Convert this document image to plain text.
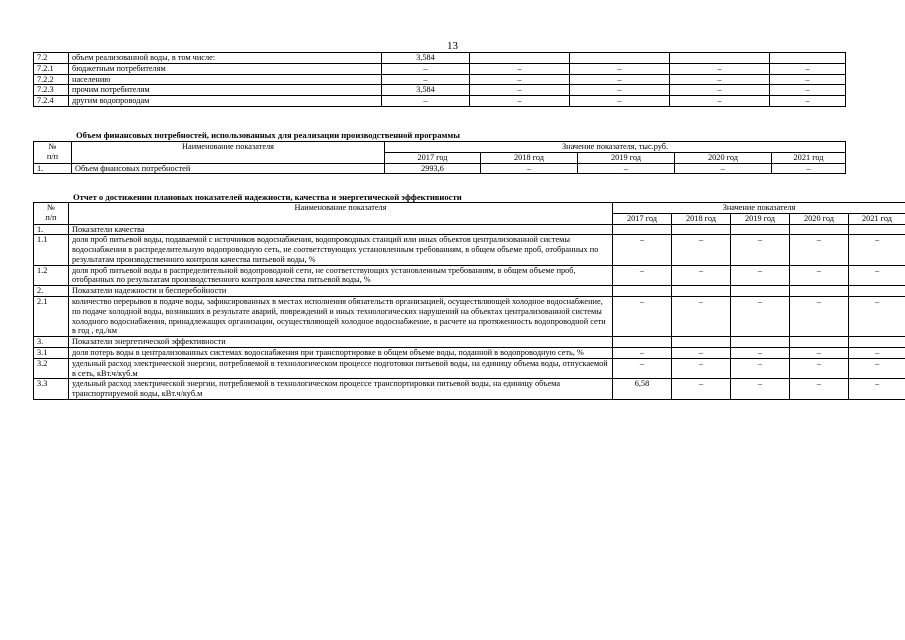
13
7.2	объем реализованной воды, в том числе:	3,584				
7.2.1	бюджетным потребителям	–	–	–	–	–
7.2.2	населению	–	–	–	–	–
7.2.3	прочим потребителям	3,584	–	–	–	–
7.2.4	другим водопроводам	–	–	–	–	–
Объем финансовых потребностей, использованных для реализации производственной программы
№
п/п	Наименование показателя	Значение показателя, тыс.руб.				
		2017 год	2018 год	2019 год	2020 год	2021 год
1.	Объем фиансовых потребностей	2993,6	–	–	–	–
Отчет о достижении плановых показателей надежности, качества и энергетической эффективности
№
п/п	Наименование показателя	Значение показателя				
		2017 год	2018 год	2019 год	2020 год	2021 год
1.	Показатели качества					
1.1	доля проб питьевой воды, подаваемой с источников водоснабжения, водопроводных станций или иных объектов централизованной системы водоснабжения в распределительную водопроводную сеть, не соответствующих установленным требованиям, в общем объеме проб, отобранных по результатам производственного контроля качества питьевой воды, %	–	–	–	–	–
1.2	доля проб питьевой воды в распределительной водопроводной сети, не соответствующих установленным требованиям, в общем объеме проб, отобранных по результатам производственного контроля качества питьевой воды, %	–	–	–	–	–
2.	Показатели надежности и бесперебойности					
2.1	количество перерывов в подаче воды, зафиксированных в местах исполнения обязательств организацией, осуществляющей холодное водоснабжение, по подаче холодной воды, возникших в результате аварий, повреждений и иных технологических нарушений на объектах централизованной системы холодного водоснабжения, принадлежащих организации, осуществляющей холодное водоснабжение, в расчете на протяженность водопроводной сети в год , ед./км	–	–	–	–	–
3.	Показатели энергетической эффективности					
3.1	доля потерь воды в централизованных системах водоснабжения при транспортировке в общем объеме воды, поданной в водопроводную сеть, %	–	–	–	–	–
3.2	удельный расход электрической энергии, потребляемой в технологическом процессе подготовки питьевой воды, на единицу объема воды, отпускаемой в сеть, кВт.ч/куб.м	–	–	–	–	–
3.3	удельный расход электрической энергии, потребляемой в технологическом процессе транспортировки питьевой воды, на единицу объема транспортируемой воды, кВт.ч/куб.м	6,58	–	–	–	–
